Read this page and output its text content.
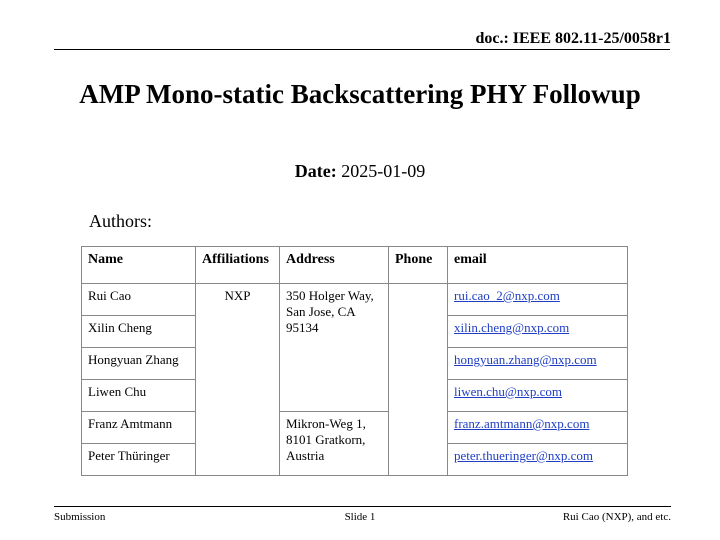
doc.: IEEE 802.11-25/0058r1
AMP Mono-static Backscattering PHY Followup
Date: 2025-01-09
Authors:
Name	Affiliations	Address	Phone	email
Rui Cao	NXP	350 Holger Way,
San Jose, CA
95134		rui.cao_2@nxp.com
Xilin Cheng				xilin.cheng@nxp.com
Hongyuan Zhang				hongyuan.zhang@nxp.com
Liwen Chu				liwen.chu@nxp.com
Franz Amtmann		Mikron-Weg 1,
8101 Gratkorn,
Austria		franz.amtmann@nxp.com
Peter Thüringer				peter.thueringer@nxp.com
Submission	Slide 1	Rui Cao (NXP), and etc.
